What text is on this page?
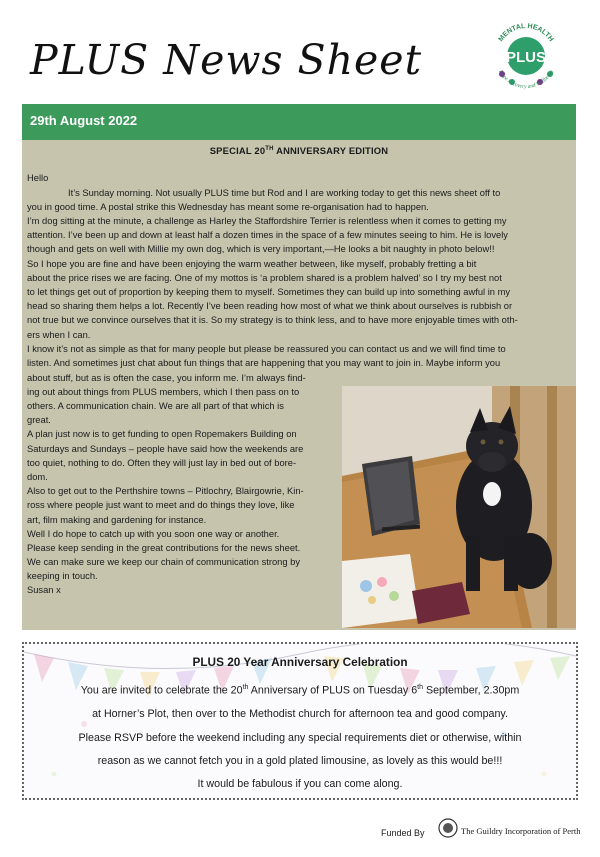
PLUS News Sheet	MENTAL HEALTH
PLUS
Hope Recovery and Wellbeing
29th August 2022
SPECIAL 20TH ANNIVERSARY EDITION
Hello
It’s Sunday morning. Not usually PLUS time but Rod and I are working today to get this news sheet off to
you in good time. A postal strike this Wednesday has meant some re-organisation had to happen.
I’m dog sitting at the minute, a challenge as Harley the Staffordshire Terrier is relentless when it comes to getting my
attention. I’ve been up and down at least half a dozen times in the space of a few minutes seeing to him. He is lovely
though and gets on well with Millie my own dog, which is very important,—He looks a bit naughty in photo below!!
So I hope you are fine and have been enjoying the warm weather between, like myself, probably fretting a bit
about the price rises we are facing. One of my mottos is ‘a problem shared is a problem halved’ so I try my best not
to let things get out of proportion by keeping them to myself. Sometimes they can build up into something awful in my
head so sharing them helps a lot. Recently I’ve been reading how most of what we think about ourselves is rubbish or
not true but we convince ourselves that it is. So my strategy is to think less, and to have more enjoyable times with oth-
ers when I can.
I know it’s not as simple as that for many people but please be reassured you can contact us and we will find time to
listen. And sometimes just chat about fun things that are happening that you may want to join in. Maybe inform you
about stuff, but as is often the case, you inform me. I’m always find-
ing out about things from PLUS members, which I then pass on to
others. A communication chain. We are all part of that which is
great.
A plan just now is to get funding to open Ropemakers Building on
Saturdays and Sundays – people have said how the weekends are
too quiet, nothing to do. Often they will just lay in bed out of bore-
dom.
Also to get out to the Perthshire towns – Pitlochry, Blairgowrie, Kin-
ross where people just want to meet and do things they love, like
art, film making and gardening for instance.
Well I do hope to catch up with you soon one way or another.
Please keep sending in the great contributions for the news sheet.
We can make sure we keep our chain of communication strong by
keeping in touch.
Susan x
PLUS 20 Year Anniversary Celebration
You are invited to celebrate the 20th Anniversary of PLUS on Tuesday 6th September, 2.30pm
at Horner’s Plot, then over to the Methodist church for afternoon tea and good company.
Please RSVP before the weekend including any special requirements diet or otherwise, within
reason as we cannot fetch you in a gold plated limousine, as lovely as this would be!!!
It would be fabulous if you can come along.
Funded By	The Guildry Incorporation of Perth
